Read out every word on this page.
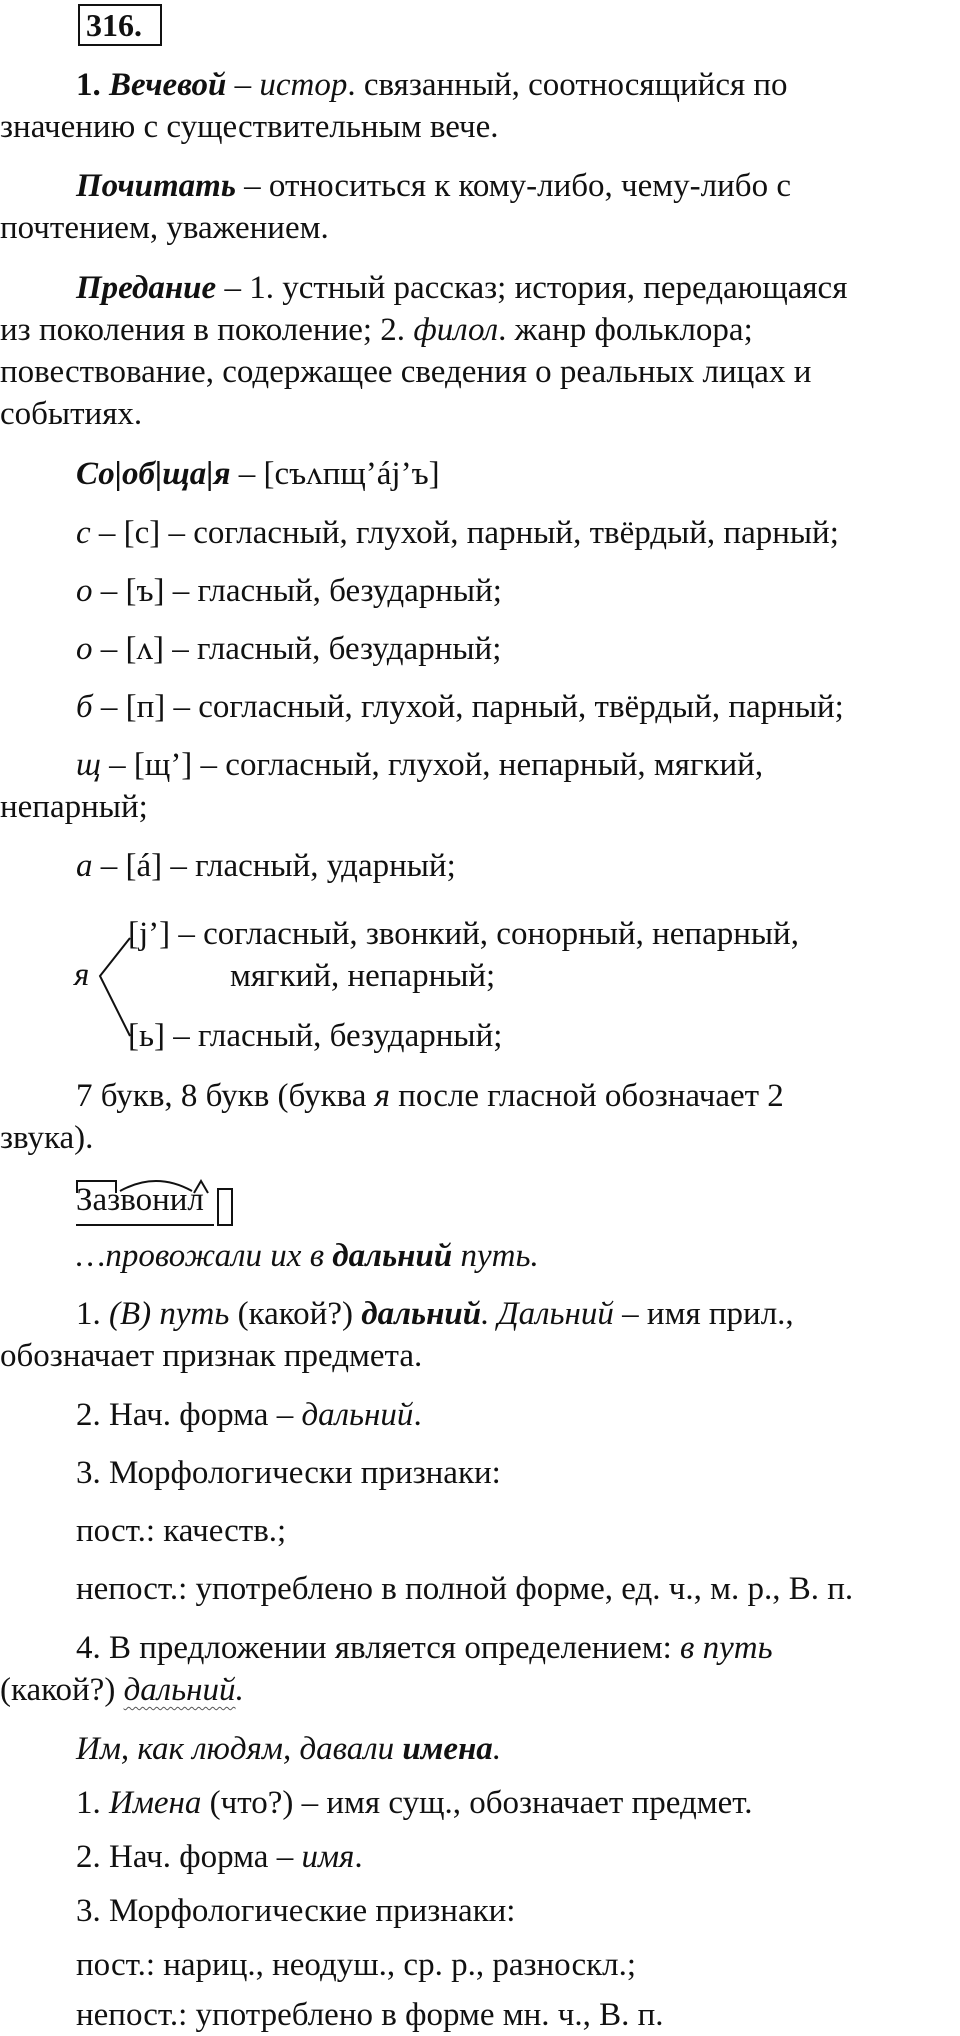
316.
1. Вечевой – истор. связанный, соотносящийся по
значению с существительным вече.
Почитать – относиться к кому-либо, чему-либо с
почтением, уважением.
Предание – 1. устный рассказ; история, передающаяся
из поколения в поколение; 2. филол. жанр фольклора;
повествование, содержащее сведения о реальных лицах и
событиях.
Со|об|ща|я – [съʌпщ’áj’ъ]
с – [с] – согласный, глухой, парный, твёрдый, парный;
о – [ъ] – гласный, безударный;
о – [ʌ] – гласный, безударный;
б – [п] – согласный, глухой, парный, твёрдый, парный;
щ – [щ’] – согласный, глухой, непарный, мягкий,
непарный;
а – [á] – гласный, ударный;
я
[j’] – согласный, звонкий, сонорный, непарный,
мягкий, непарный;
[ь] – гласный, безударный;
7 букв, 8 букв (буква я после гласной обозначает 2
звука).
Зазвонил
…провожали их в дальний путь.
1. (В) путь (какой?) дальний. Дальний – имя прил.,
обозначает признак предмета.
2. Нач. форма – дальний.
3. Морфологически признаки:
пост.: качеств.;
непост.: употреблено в полной форме, ед. ч., м. р., В. п.
4. В предложении является определением: в путь
(какой?) дальний.
Им, как людям, давали имена.
1. Имена (что?) – имя сущ., обозначает предмет.
2. Нач. форма – имя.
3. Морфологические признаки:
пост.: нариц., неодуш., ср. р., разноскл.;
непост.: употреблено в форме мн. ч., В. п.
